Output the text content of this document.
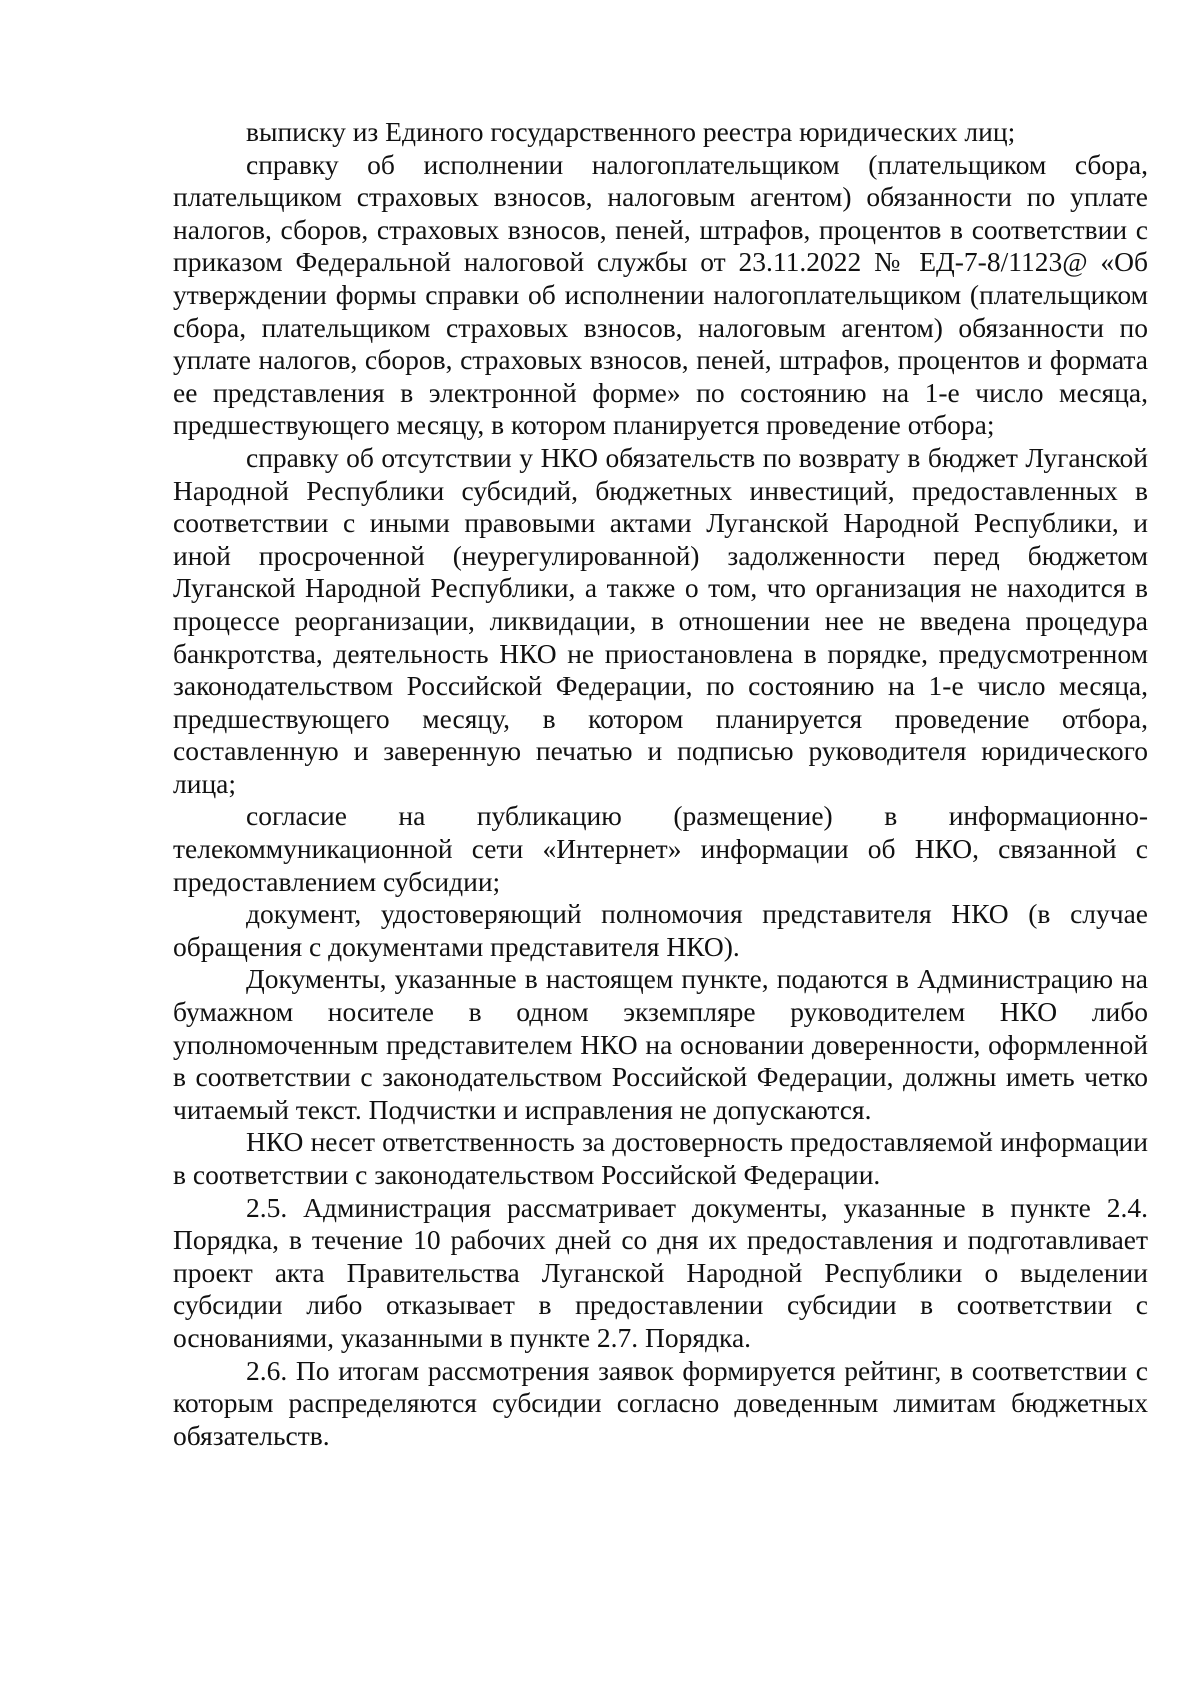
выписку из Единого государственного реестра юридических лиц;

справку об исполнении налогоплательщиком (плательщиком сбора, плательщиком страховых взносов, налоговым агентом) обязанности по уплате налогов, сборов, страховых взносов, пеней, штрафов, процентов в соответствии с приказом Федеральной налоговой службы от 23.11.2022 № ЕД-7-8/1123@ «Об утверждении формы справки об исполнении налогоплательщиком (плательщиком сбора, плательщиком страховых взносов, налоговым агентом) обязанности по уплате налогов, сборов, страховых взносов, пеней, штрафов, процентов и формата ее представления в электронной форме» по состоянию на 1-е число месяца, предшествующего месяцу, в котором планируется проведение отбора;

справку об отсутствии у НКО обязательств по возврату в бюджет Луганской Народной Республики субсидий, бюджетных инвестиций, предоставленных в соответствии с иными правовыми актами Луганской Народной Республики, и иной просроченной (неурегулированной) задолженности перед бюджетом Луганской Народной Республики, а также о том, что организация не находится в процессе реорганизации, ликвидации, в отношении нее не введена процедура банкротства, деятельность НКО не приостановлена в порядке, предусмотренном законодательством Российской Федерации, по состоянию на 1-е число месяца, предшествующего месяцу, в котором планируется проведение отбора, составленную и заверенную печатью и подписью руководителя юридического лица;

согласие на публикацию (размещение) в информационно-телекоммуникационной сети «Интернет» информации об НКО, связанной с предоставлением субсидии;

документ, удостоверяющий полномочия представителя НКО (в случае обращения с документами представителя НКО).

Документы, указанные в настоящем пункте, подаются в Администрацию на бумажном носителе в одном экземпляре руководителем НКО либо уполномоченным представителем НКО на основании доверенности, оформленной в соответствии с законодательством Российской Федерации, должны иметь четко читаемый текст. Подчистки и исправления не допускаются.

НКО несет ответственность за достоверность предоставляемой информации в соответствии с законодательством Российской Федерации.

2.5. Администрация рассматривает документы, указанные в пункте 2.4. Порядка, в течение 10 рабочих дней со дня их предоставления и подготавливает проект акта Правительства Луганской Народной Республики о выделении субсидии либо отказывает в предоставлении субсидии в соответствии с основаниями, указанными в пункте 2.7. Порядка.

2.6. По итогам рассмотрения заявок формируется рейтинг, в соответствии с которым распределяются субсидии согласно доведенным лимитам бюджетных обязательств.
